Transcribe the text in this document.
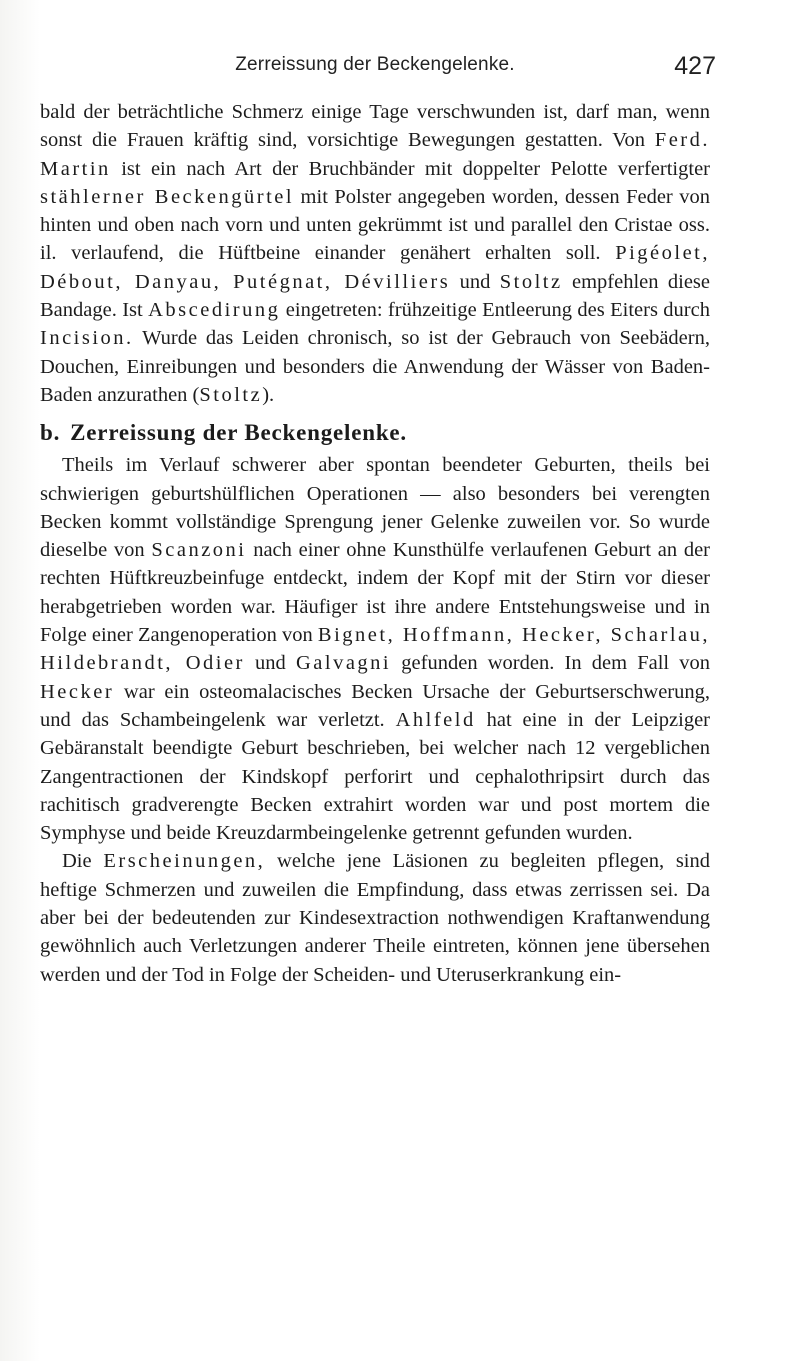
Zerreissung der Beckengelenke.	427

bald der beträchtliche Schmerz einige Tage verschwunden ist, darf man, wenn sonst die Frauen kräftig sind, vorsichtige Bewegungen gestatten. Von Ferd. Martin ist ein nach Art der Bruchbänder mit doppelter Pelotte verfertigter stählerner Beckengürtel mit Polster angegeben worden, dessen Feder von hinten und oben nach vorn und unten gekrümmt ist und parallel den Cristae oss. il. verlaufend, die Hüftbeine einander genähert erhalten soll. Pigéolet, Débout, Danyau, Putégnat, Dévilliers und Stoltz empfehlen diese Bandage. Ist Abscedirung eingetreten: frühzeitige Entleerung des Eiters durch Incision. Wurde das Leiden chronisch, so ist der Gebrauch von Seebädern, Douchen, Einreibungen und besonders die Anwendung der Wässer von Baden-Baden anzurathen (Stoltz).

b. Zerreissung der Beckengelenke.

Theils im Verlauf schwerer aber spontan beendeter Geburten, theils bei schwierigen geburtshülflichen Operationen — also besonders bei verengten Becken kommt vollständige Sprengung jener Gelenke zuweilen vor. So wurde dieselbe von Scanzoni nach einer ohne Kunsthülfe verlaufenen Geburt an der rechten Hüftkreuzbeinfuge entdeckt, indem der Kopf mit der Stirn vor dieser herabgetrieben worden war. Häufiger ist ihre andere Entstehungsweise und in Folge einer Zangenoperation von Bignet, Hoffmann, Hecker, Scharlau, Hildebrandt, Odier und Galvagni gefunden worden. In dem Fall von Hecker war ein osteomalacisches Becken Ursache der Geburtserschwerung, und das Schambeingelenk war verletzt. Ahlfeld hat eine in der Leipziger Gebäranstalt beendigte Geburt beschrieben, bei welcher nach 12 vergeblichen Zangentractionen der Kindskopf perforirt und cephalothripsirt durch das rachitisch gradverengte Becken extrahirt worden war und post mortem die Symphyse und beide Kreuzdarmbeingelenke getrennt gefunden wurden.

Die Erscheinungen, welche jene Läsionen zu begleiten pflegen, sind heftige Schmerzen und zuweilen die Empfindung, dass etwas zerrissen sei. Da aber bei der bedeutenden zur Kindesextraction nothwendigen Kraftanwendung gewöhnlich auch Verletzungen anderer Theile eintreten, können jene übersehen werden und der Tod in Folge der Scheiden- und Uteruserkrankung ein-
